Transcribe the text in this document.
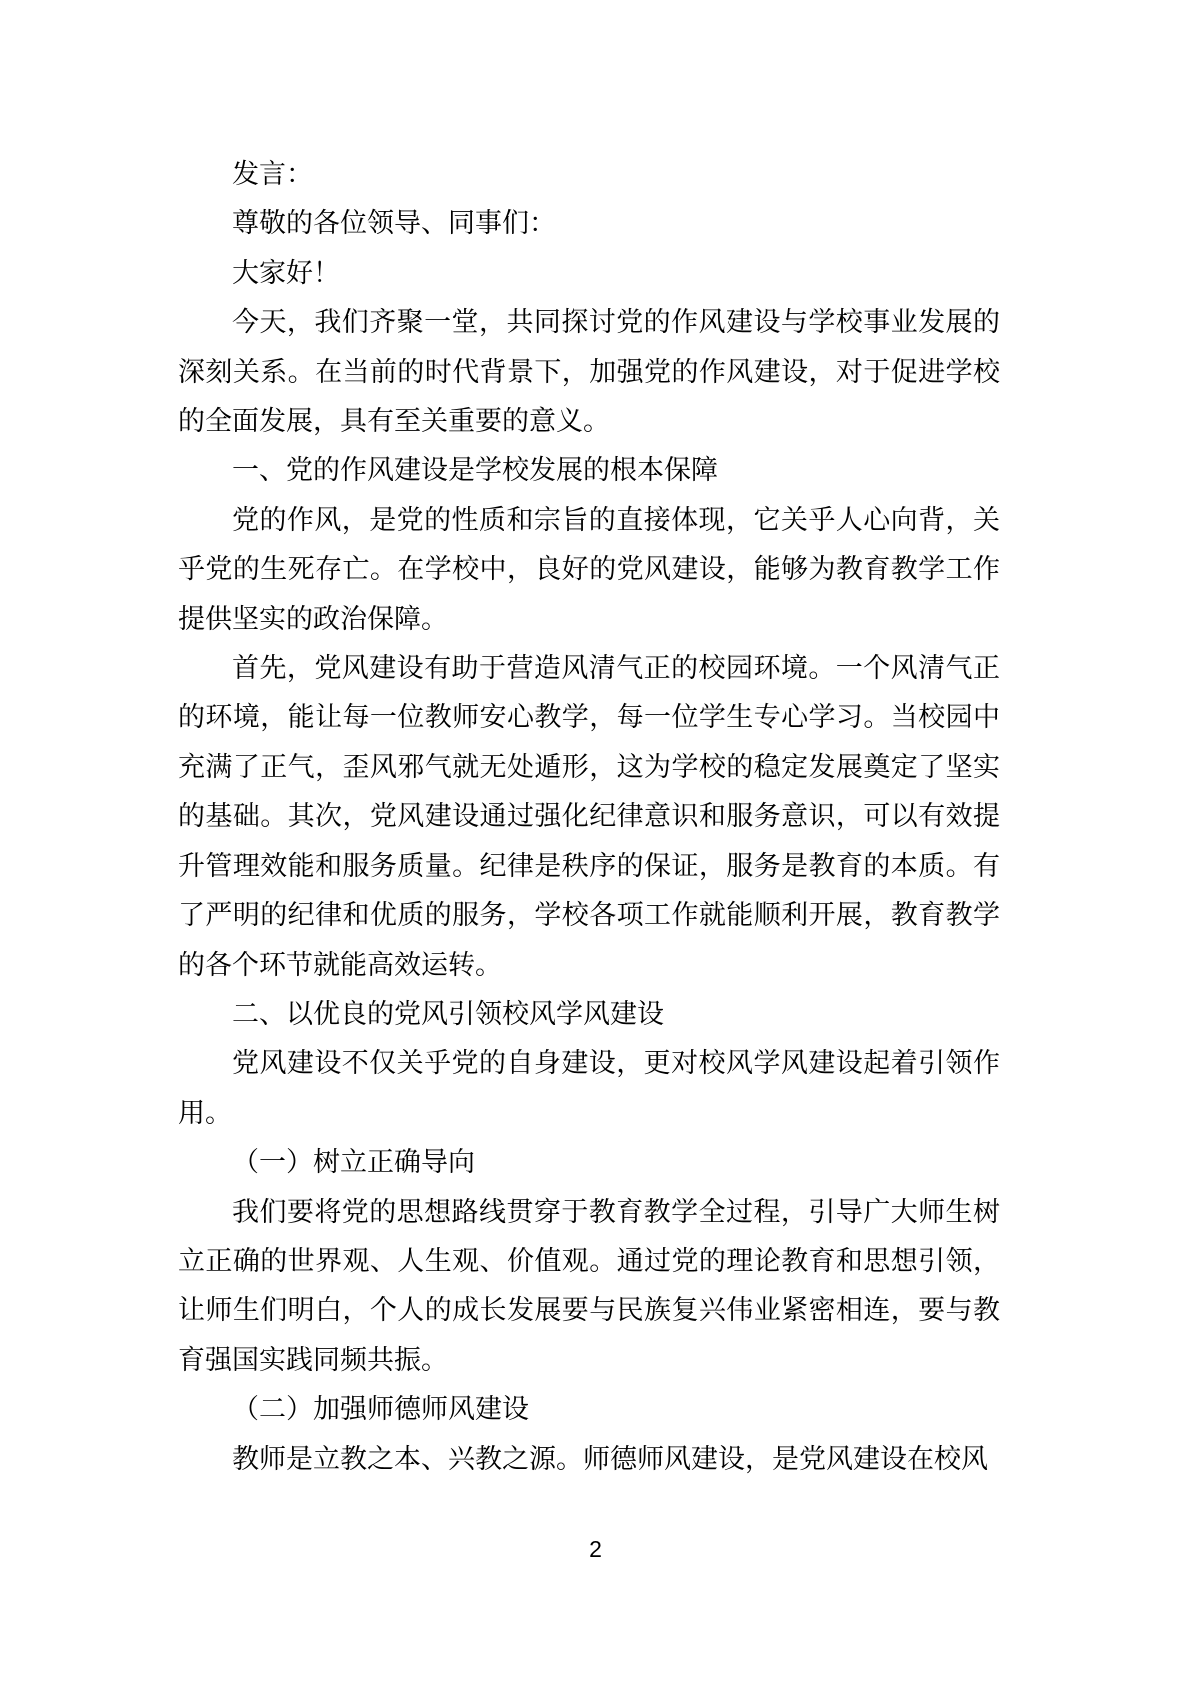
发言：

尊敬的各位领导、同事们：

大家好！

今天，我们齐聚一堂，共同探讨党的作风建设与学校事业发展的深刻关系。在当前的时代背景下，加强党的作风建设，对于促进学校的全面发展，具有至关重要的意义。

一、党的作风建设是学校发展的根本保障

党的作风，是党的性质和宗旨的直接体现，它关乎人心向背，关乎党的生死存亡。在学校中，良好的党风建设，能够为教育教学工作提供坚实的政治保障。

首先，党风建设有助于营造风清气正的校园环境。一个风清气正的环境，能让每一位教师安心教学，每一位学生专心学习。当校园中充满了正气，歪风邪气就无处遁形，这为学校的稳定发展奠定了坚实的基础。其次，党风建设通过强化纪律意识和服务意识，可以有效提升管理效能和服务质量。纪律是秩序的保证，服务是教育的本质。有了严明的纪律和优质的服务，学校各项工作就能顺利开展，教育教学的各个环节就能高效运转。

二、以优良的党风引领校风学风建设

党风建设不仅关乎党的自身建设，更对校风学风建设起着引领作用。

（一）树立正确导向

我们要将党的思想路线贯穿于教育教学全过程，引导广大师生树立正确的世界观、人生观、价值观。通过党的理论教育和思想引领，让师生们明白，个人的成长发展要与民族复兴伟业紧密相连，要与教育强国实践同频共振。

（二）加强师德师风建设

教师是立教之本、兴教之源。师德师风建设，是党风建设在校风

2
